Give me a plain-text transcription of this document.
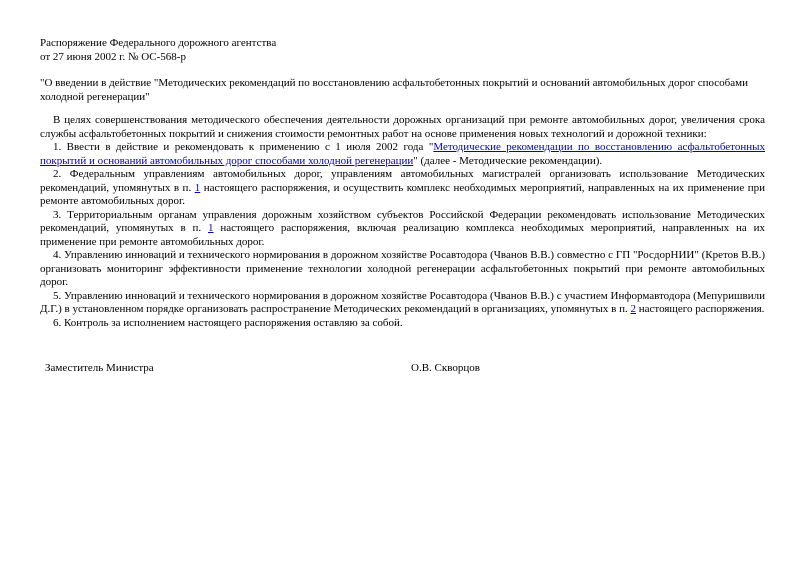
Распоряжение Федерального дорожного агентства
от 27 июня 2002 г. № ОС-568-р
"О введении в действие "Методических рекомендаций по восстановлению асфальтобетонных покрытий и оснований автомобильных дорог способами холодной регенерации"

В целях совершенствования методического обеспечения деятельности дорожных организаций при ремонте автомобильных дорог, увеличения срока службы асфальтобетонных покрытий и снижения стоимости ремонтных работ на основе применения новых технологий и дорожной техники:

1. Ввести в действие и рекомендовать к применению с 1 июля 2002 года "Методические рекомендации по восстановлению асфальтобетонных покрытий и оснований автомобильных дорог способами холодной регенерации" (далее - Методические рекомендации).

2. Федеральным управлениям автомобильных дорог, управлениям автомобильных магистралей организовать использование Методических рекомендаций, упомянутых в п. 1 настоящего распоряжения, и осуществить комплекс необходимых мероприятий, направленных на их применение при ремонте автомобильных дорог.

3. Территориальным органам управления дорожным хозяйством субъектов Российской Федерации рекомендовать использование Методических рекомендаций, упомянутых в п. 1 настоящего распоряжения, включая реализацию комплекса необходимых мероприятий, направленных на их применение при ремонте автомобильных дорог.

4. Управлению инноваций и технического нормирования в дорожном хозяйстве Росавтодора (Чванов В.В.) совместно с ГП "РосдорНИИ" (Кретов В.В.) организовать мониторинг эффективности применение технологии холодной регенерации асфальтобетонных покрытий при ремонте автомобильных дорог.

5. Управлению инноваций и технического нормирования в дорожном хозяйстве Росавтодора (Чванов В.В.) с участием Информавтодора (Мепуришвили Д.Г.) в установленном порядке организовать распространение Методических рекомендаций в организациях, упомянутых в п. 2 настоящего распоряжения.

6. Контроль за исполнением настоящего распоряжения оставляю за собой.

Заместитель Министра	О.В. Скворцов
